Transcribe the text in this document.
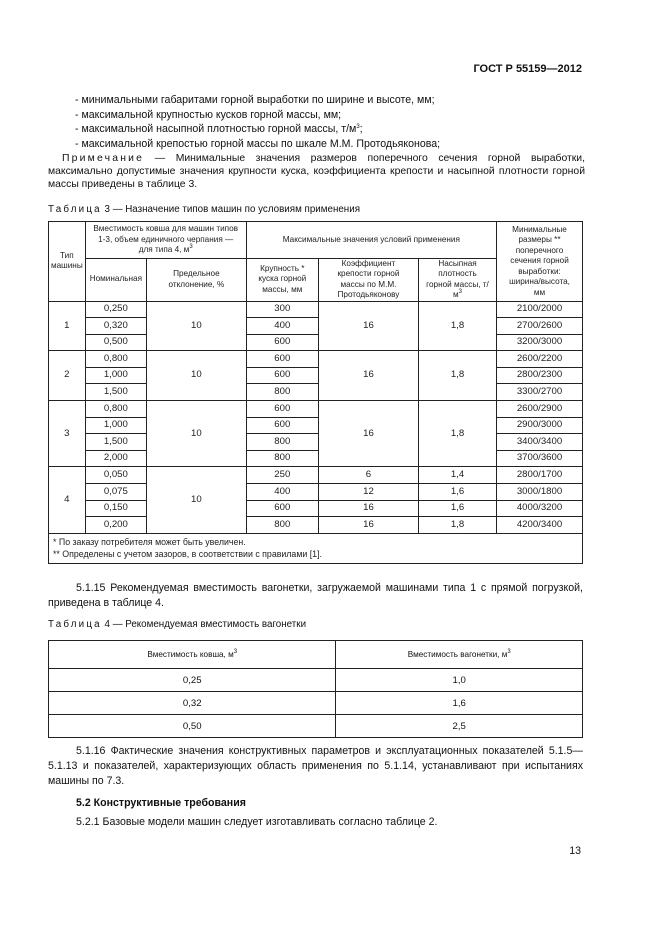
ГОСТ Р 55159—2012
- минимальными габаритами горной выработки по ширине и высоте, мм;
- максимальной крупностью кусков горной массы, мм;
- максимальной насыпной плотностью горной массы, $т/м^3$;
- максимальной крепостью горной массы по шкале М.М. Протодьяконова;
Примечание — Минимальные значения размеров поперечного сечения горной выработки, максимально допустимые значения крупности куска, коэффициента крепости и насыпной плотности горной массы приведены в таблице 3.
Таблица 3 — Назначение типов машин по условиям применения
Тип машины	Вместимость ковша для машин типов 1-3, объем единичного черпания — для типа 4, $м^3$		Максимальные значения условий применения			Минимальные размеры ** поперечного сечения горной выработки: ширина/высота, мм
	Номинальная	Предельное отклонение, %	Крупность * куска горной массы, мм	Коэффициент крепости горной массы по М.М. Протодьяконову	Насыпная плотность горной массы, $т/м^3$
1	0,250	10	300	16	1,8	2100/2000
	0,320		400			2700/2600
	0,500		600			3200/3000
2	0,800	10	600	16	1,8	2600/2200
	1,000		600			2800/2300
	1,500		800			3300/2700
3	0,800	10	600	16	1,8	2600/2900
	1,000		600			2900/3000
	1,500		800			3400/3400
	2,000		800			3700/3600
4	0,050	10	250	6	1,4	2800/1700
	0,075		400	12	1,6	3000/1800
	0,150		600	16	1,6	4000/3200
	0,200		800	16	1,8	4200/3400

* По заказу потребителя может быть увеличен.
** Определены с учетом зазоров, в соответствии с правилами [1].						
5.1.15 Рекомендуемая вместимость вагонетки, загружаемой машинами типа 1 с прямой погрузкой, приведена в таблице 4.
Таблица 4 — Рекомендуемая вместимость вагонетки
Вместимость ковша, $м^3$	Вместимость вагонетки, $м^3$
0,25	1,0
0,32	1,6
0,50	2,5
5.1.16 Фактические значения конструктивных параметров и эксплуатационных показателей 5.1.5—5.1.13 и показателей, характеризующих область применения по 5.1.14, устанавливают при испытаниях машины по 7.3.
5.2 Конструктивные требования
5.2.1 Базовые модели машин следует изготавливать согласно таблице 2.
13
